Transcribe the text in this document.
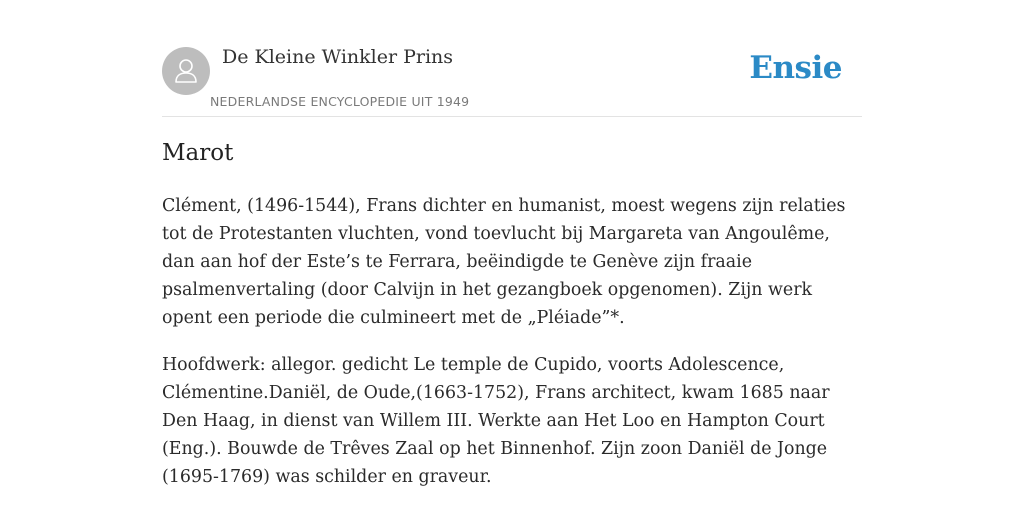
De Kleine Winkler Prins
NEDERLANDSE ENCYCLOPEDIE UIT 1949
Ensie
Marot

Clément, (1496-1544), Frans dichter en humanist, moest wegens zijn relaties tot de Protestanten vluchten, vond toevlucht bij Margareta van Angoulême, dan aan hof der Este’s te Ferrara, beëindigde te Genève zijn fraaie psalmenvertaling (door Calvijn in het gezangboek opgenomen). Zijn werk opent een periode die culmineert met de „Pléiade”*.

Hoofdwerk: allegor. gedicht Le temple de Cupido, voorts Adolescence, Clémentine.Daniël, de Oude,(1663-1752), Frans architect, kwam 1685 naar Den Haag, in dienst van Willem III. Werkte aan Het Loo en Hampton Court (Eng.). Bouwde de Trêves Zaal op het Binnenhof. Zijn zoon Daniël de Jonge (1695-1769) was schilder en graveur.
